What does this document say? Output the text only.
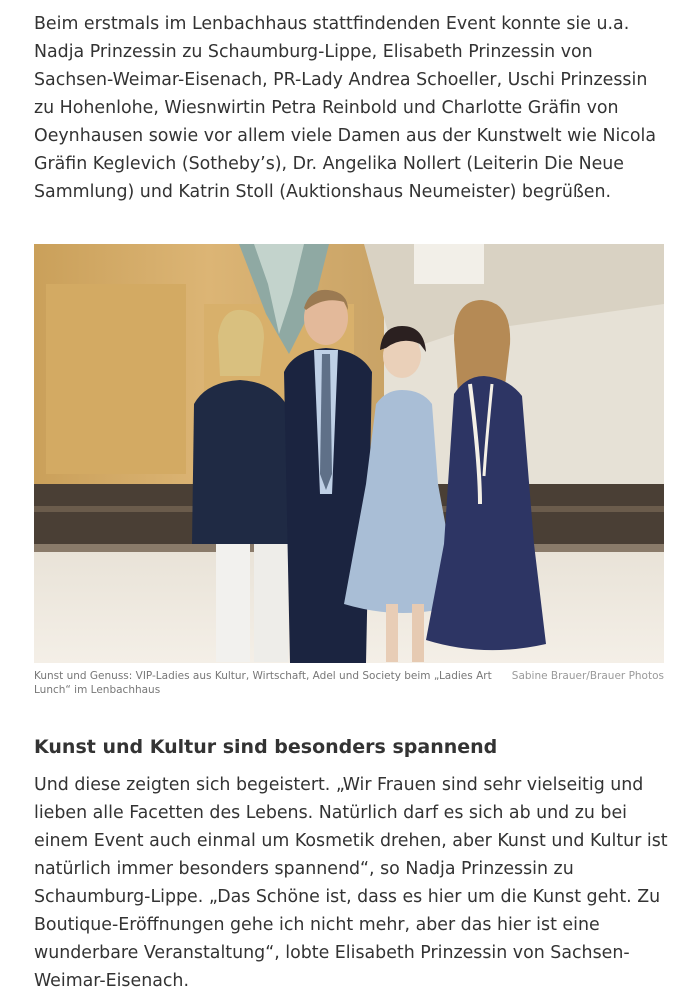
Beim erstmals im Lenbachhaus stattfindenden Event konnte sie u.a. Nadja Prinzessin zu Schaumburg-Lippe, Elisabeth Prinzessin von Sachsen-Weimar-Eisenach, PR-Lady Andrea Schoeller, Uschi Prinzessin zu Hohenlohe, Wiesnwirtin Petra Reinbold und Charlotte Gräfin von Oeynhausen sowie vor allem viele Damen aus der Kunstwelt wie Nicola Gräfin Keglevich (Sotheby’s), Dr. Angelika Nollert (Leiterin Die Neue Sammlung) und Katrin Stoll (Auktionshaus Neumeister) begrüßen.

Kunst und Genuss: VIP-Ladies aus Kultur, Wirtschaft, Adel und Society beim „Ladies Art Lunch“ im Lenbachhaus
Sabine Brauer/Brauer Photos
Kunst und Kultur sind besonders spannend

Und diese zeigten sich begeistert. „Wir Frauen sind sehr vielseitig und lieben alle Facetten des Lebens. Natürlich darf es sich ab und zu bei einem Event auch einmal um Kosmetik drehen, aber Kunst und Kultur ist natürlich immer besonders spannend“, so Nadja Prinzessin zu Schaumburg-Lippe. „Das Schöne ist, dass es hier um die Kunst geht. Zu Boutique-Eröffnungen gehe ich nicht mehr, aber das hier ist eine wunderbare Veranstaltung“, lobte Elisabeth Prinzessin von Sachsen-Weimar-Eisenach.
